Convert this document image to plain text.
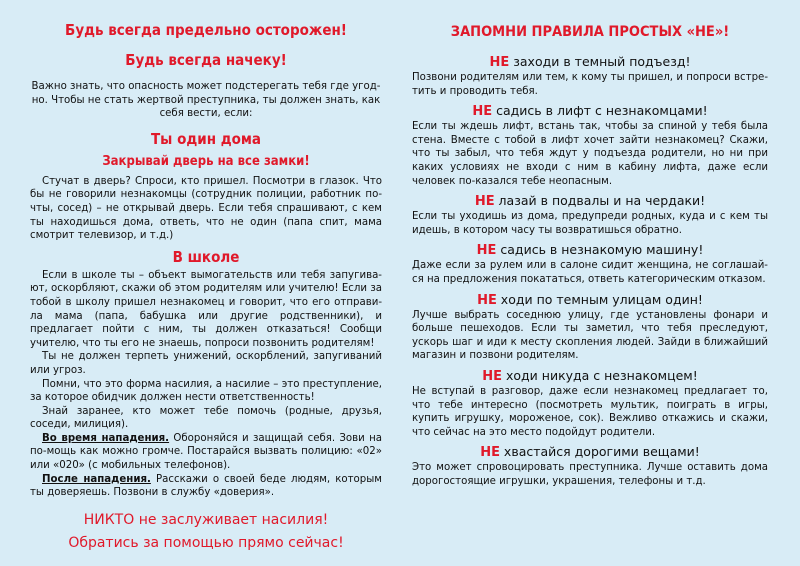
Будь всегда предельно осторожен!
Будь всегда начеку!

Важно знать, что опасность может подстерегать тебя где угод-но. Чтобы не стать жертвой преступника, ты должен знать, как себя вести, если:

Ты один дома
Закрывай дверь на все замки!

Стучат в дверь? Спроси, кто пришел. Посмотри в глазок. Что бы не говорили незнакомцы (сотрудник полиции, работник по-чты, сосед) – не открывай дверь. Если тебя спрашивают, с кем ты находишься дома, ответь, что не один (папа спит, мама смотрит телевизор, и т.д.)

В школе

Если в школе ты – объект вымогательств или тебя запугива-ют, оскорбляют, скажи об этом родителям или учителю! Если за тобой в школу пришел незнакомец и говорит, что его отправи-ла мама (папа, бабушка или другие родственники), и предлагает пойти с ним, ты должен отказаться! Сообщи учителю, что ты его не знаешь, попроси позвонить родителям!

Ты не должен терпеть унижений, оскорблений, запугиваний или угроз.

Помни, что это форма насилия, а насилие – это преступление, за которое обидчик должен нести ответственность!

Знай заранее, кто может тебе помочь (родные, друзья, соседи, милиция).

Во время нападения. Обороняйся и защищай себя. Зови на по-мощь как можно громче. Постарайся вызвать полицию: «02» или «020» (с мобильных телефонов).

После нападения. Расскажи о своей беде людям, которым ты доверяешь. Позвони в службу «доверия».

НИКТО не заслуживает насилия!

Обратись за помощью прямо сейчас!

ЗАПОМНИ ПРАВИЛА ПРОСТЫХ «НЕ»!

НЕ заходи в темный подъезд!

Позвони родителям или тем, к кому ты пришел, и попроси встре-тить и проводить тебя.

НЕ садись в лифт с незнакомцами!

Если ты ждешь лифт, встань так, чтобы за спиной у тебя была стена. Вместе с тобой в лифт хочет зайти незнакомец? Скажи, что ты забыл, что тебя ждут у подъезда родители, но ни при каких условиях не входи с ним в кабину лифта, даже если человек по-казался тебе неопасным.

НЕ лазай в подвалы и на чердаки!

Если ты уходишь из дома, предупреди родных, куда и с кем ты идешь, в котором часу ты возвратишься обратно.

НЕ садись в незнакомую машину!

Даже если за рулем или в салоне сидит женщина, не соглашай-ся на предложения покататься, ответь категорическим отказом.

НЕ ходи по темным улицам один!

Лучше выбрать соседнюю улицу, где установлены фонари и больше пешеходов. Если ты заметил, что тебя преследуют, ускорь шаг и иди к месту скопления людей. Зайди в ближайший магазин и позвони родителям.

НЕ ходи никуда с незнакомцем!

Не вступай в разговор, даже если незнакомец предлагает то, что тебе интересно (посмотреть мультик, поиграть в игры, купить игрушку, мороженое, сок). Вежливо откажись и скажи, что сейчас на это место подойдут родители.

НЕ хвастайся дорогими вещами!

Это может спровоцировать преступника. Лучше оставить дома дорогостоящие игрушки, украшения, телефоны и т.д.
